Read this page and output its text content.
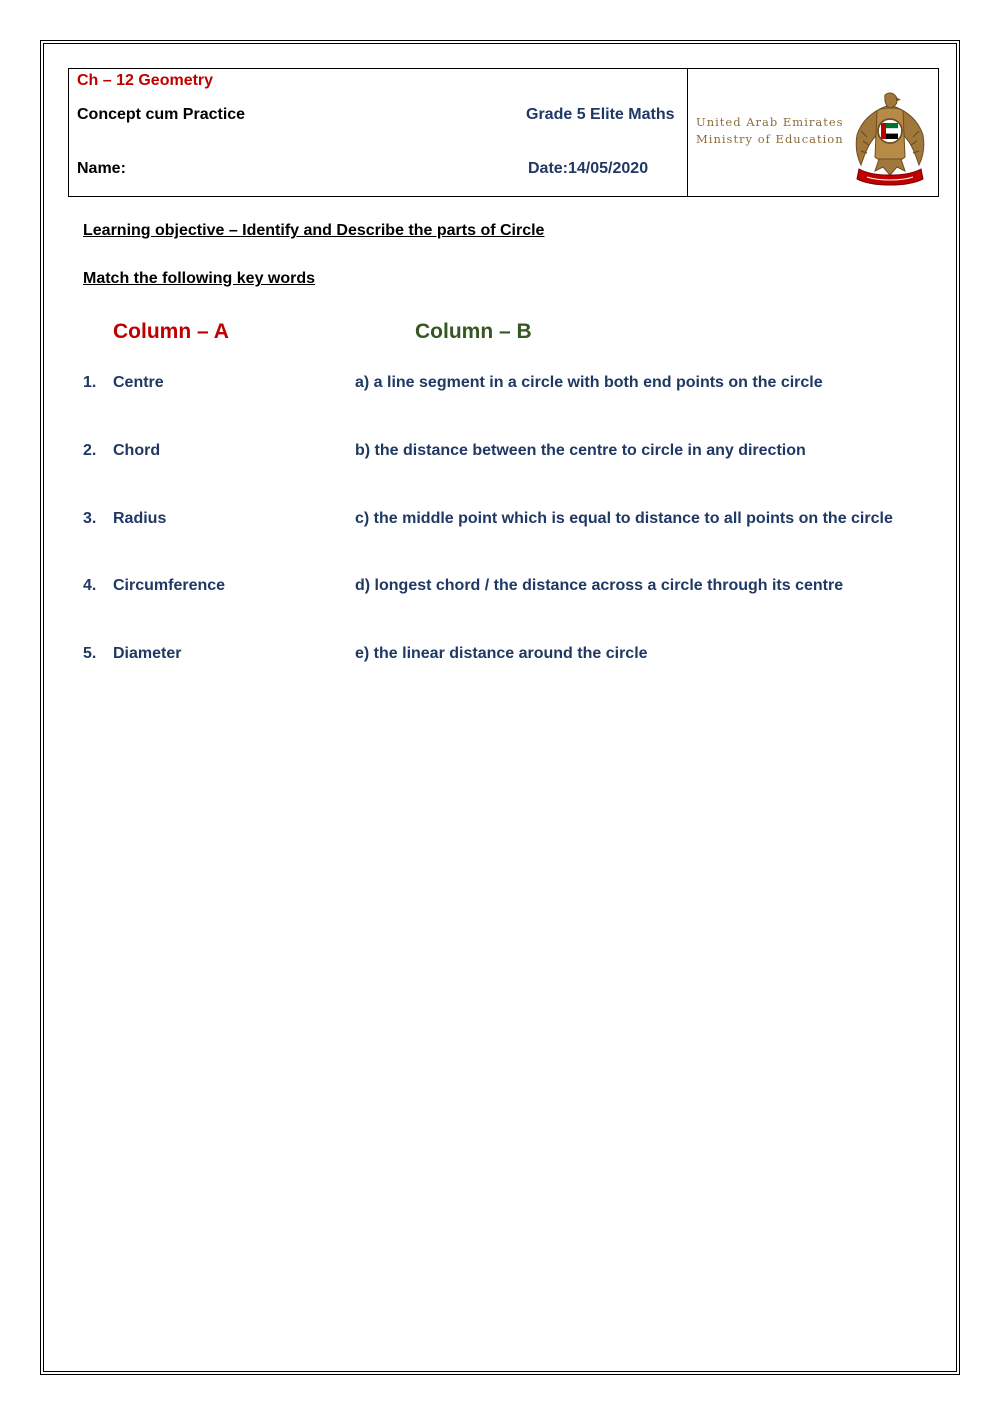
Ch – 12 Geometry
Concept cum Practice	Grade 5 Elite Maths
Name:	Date:14/05/2020
United Arab Emirates
Ministry of Education
Learning objective – Identify and Describe the parts of Circle
Match the following key words
Column – A	Column – B
1. Centre	a) a line segment in a circle with both end points on the circle
2. Chord	b) the distance between the centre to circle in any direction
3. Radius	c) the middle point which is equal to distance to all points on the circle
4. Circumference	d) longest chord / the distance across a circle through its centre
5. Diameter	e) the linear distance around the circle
